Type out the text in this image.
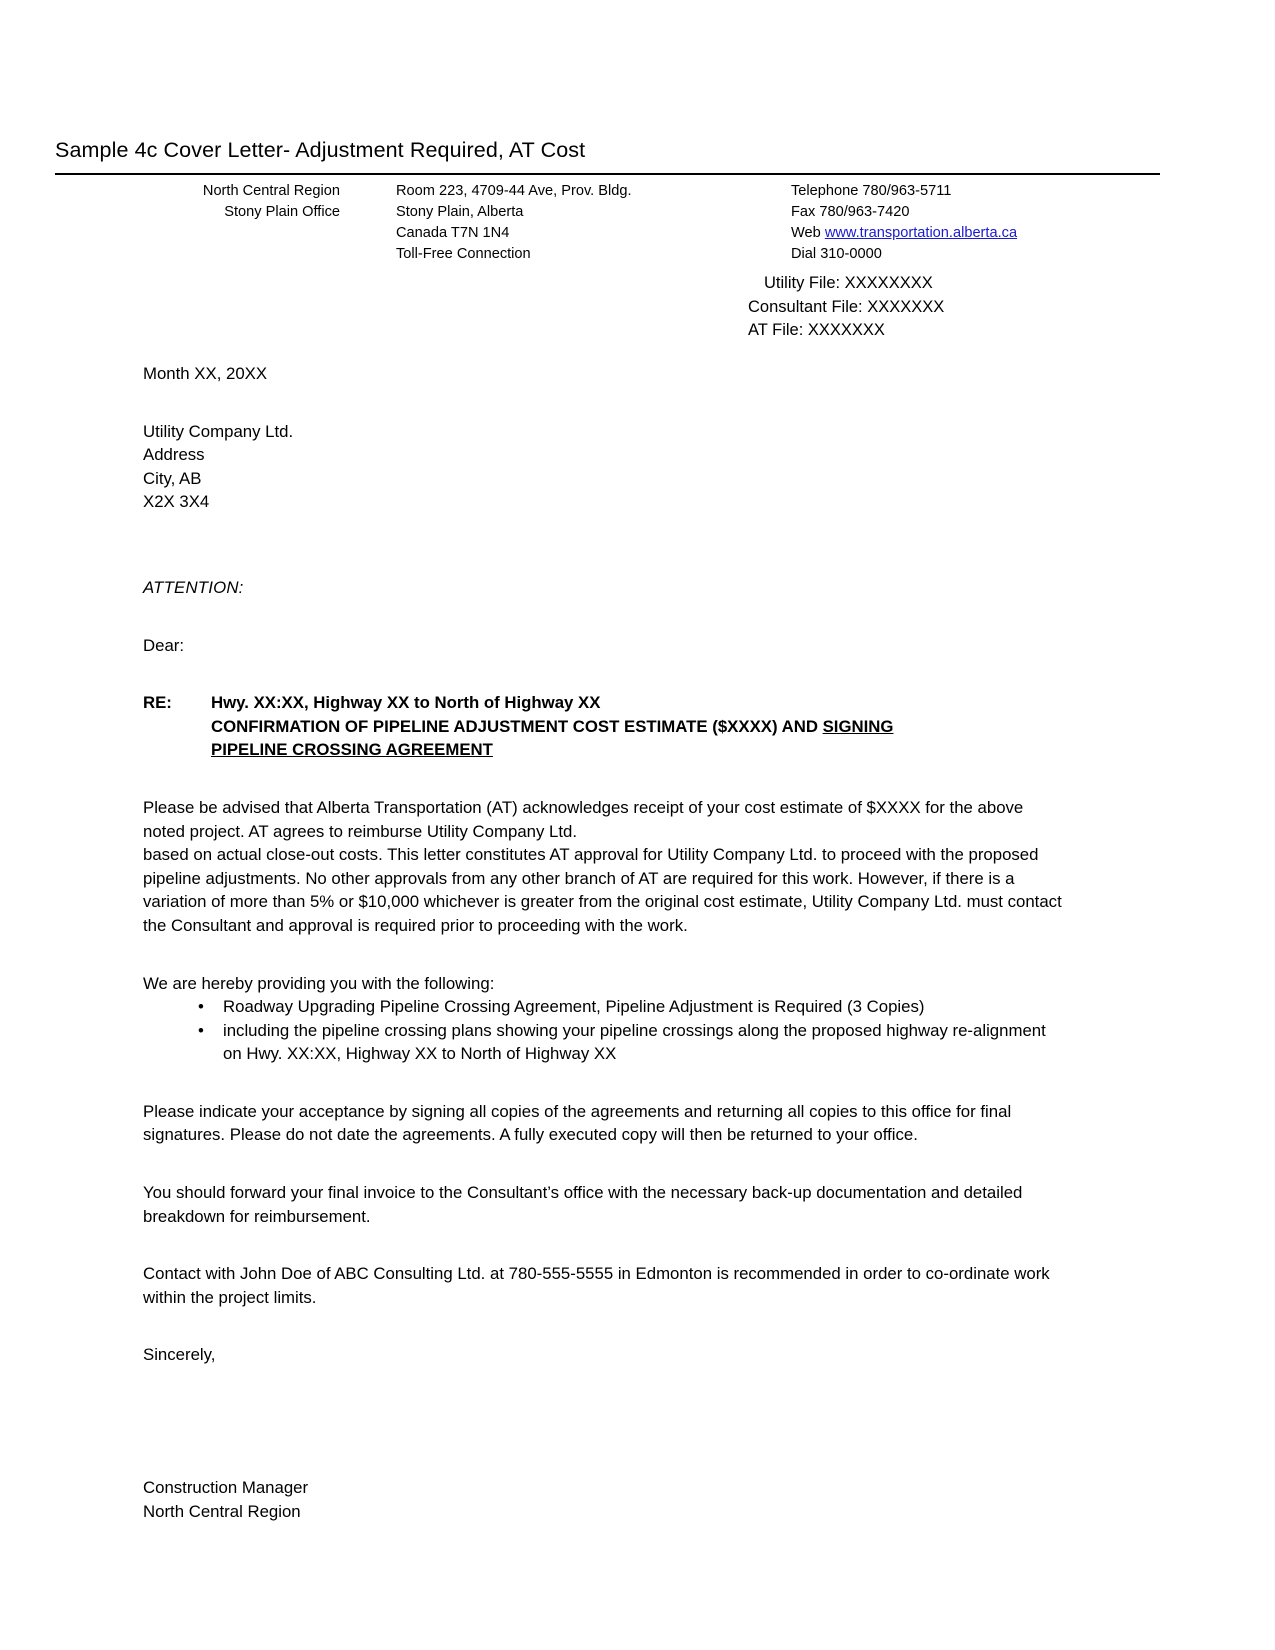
Sample 4c Cover Letter- Adjustment Required, AT Cost
North Central Region
Stony Plain Office
Room 223, 4709-44 Ave, Prov. Bldg.
Stony Plain, Alberta
Canada T7N 1N4
Toll-Free Connection
Telephone 780/963-5711
Fax 780/963-7420
Web www.transportation.alberta.ca
Dial 310-0000
Utility File: XXXXXXXX
Consultant File: XXXXXXX
AT File: XXXXXXX
Month XX, 20XX
Utility Company Ltd.
Address
City, AB
X2X 3X4
ATTENTION:
Dear:
RE:	Hwy. XX:XX, Highway XX to North of Highway XX
CONFIRMATION OF PIPELINE ADJUSTMENT COST ESTIMATE ($XXXX) AND SIGNING
PIPELINE CROSSING AGREEMENT
Please be advised that Alberta Transportation (AT) acknowledges receipt of your cost estimate of $XXXX for the above noted project. AT agrees to reimburse Utility Company Ltd.
based on actual close-out costs. This letter constitutes AT approval for Utility Company Ltd. to proceed with the proposed pipeline adjustments. No other approvals from any other branch of AT are required for this work. However, if there is a variation of more than 5% or $10,000 whichever is greater from the original cost estimate, Utility Company Ltd. must contact the Consultant and approval is required prior to proceeding with the work.
We are hereby providing you with the following:
• Roadway Upgrading Pipeline Crossing Agreement, Pipeline Adjustment is Required (3 Copies)
• including the pipeline crossing plans showing your pipeline crossings along the proposed highway re-alignment on Hwy. XX:XX, Highway XX to North of Highway XX
Please indicate your acceptance by signing all copies of the agreements and returning all copies to this office for final signatures. Please do not date the agreements. A fully executed copy will then be returned to your office.
You should forward your final invoice to the Consultant’s office with the necessary back-up documentation and detailed breakdown for reimbursement.
Contact with John Doe of ABC Consulting Ltd. at 780-555-5555 in Edmonton is recommended in order to co-ordinate work within the project limits.
Sincerely,
Construction Manager
North Central Region
